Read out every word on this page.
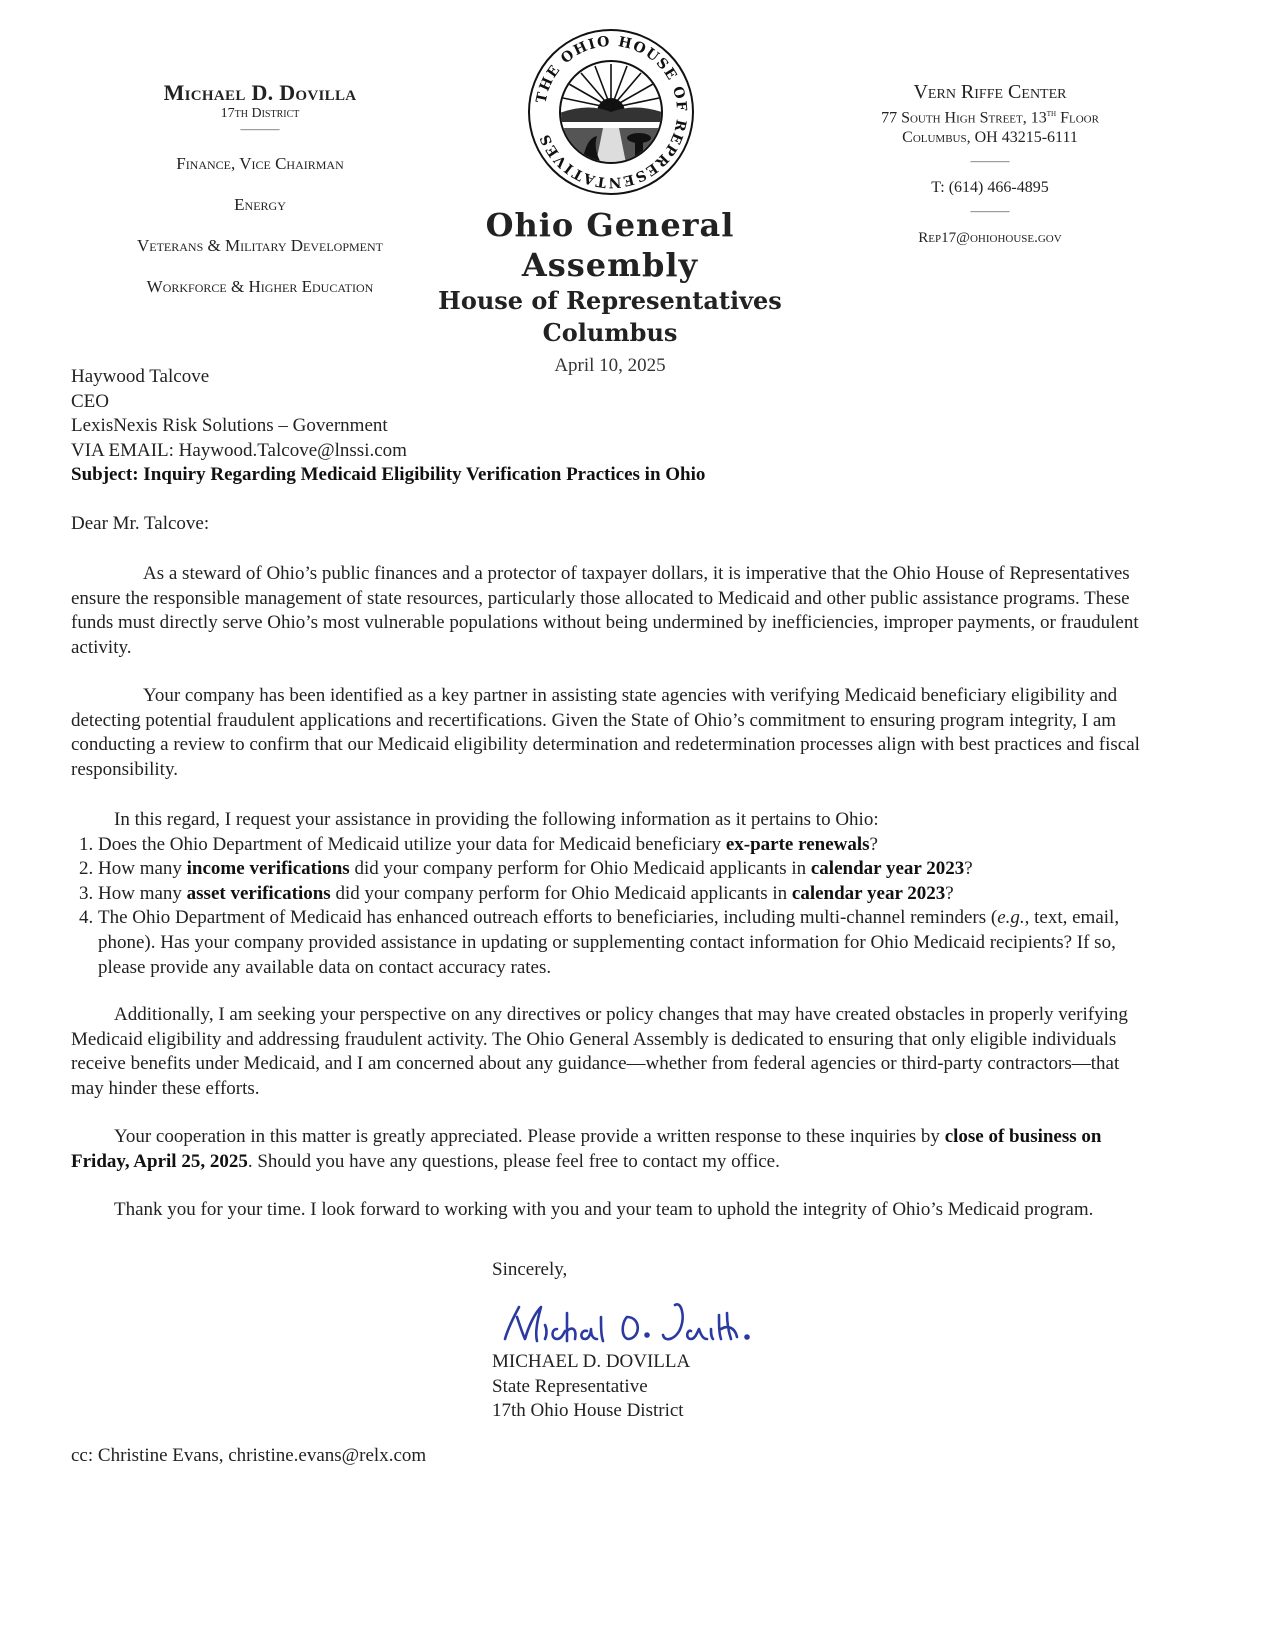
Michael D. Dovilla
17th District
———
Finance, Vice Chairman
Energy
Veterans & Military Development
Workforce & Higher Education
THE OHIO HOUSE OF REPRESENTATIVES
Ohio General Assembly
House of Representatives
Columbus
April 10, 2025
Vern Riffe Center
77 South High Street, 13th Floor
Columbus, OH 43215-6111
———
T: (614) 466-4895
———
Rep17@ohiohouse.gov

Haywood Talcove

CEO

LexisNexis Risk Solutions – Government

VIA EMAIL: Haywood.Talcove@lnssi.com

Subject: Inquiry Regarding Medicaid Eligibility Verification Practices in Ohio

Dear Mr. Talcove:
As a steward of Ohio’s public finances and a protector of taxpayer dollars, it is imperative that the Ohio House of Representatives ensure the responsible management of state resources, particularly those allocated to Medicaid and other public assistance programs. These funds must directly serve Ohio’s most vulnerable populations without being undermined by inefficiencies, improper payments, or fraudulent activity.
Your company has been identified as a key partner in assisting state agencies with verifying Medicaid beneficiary eligibility and detecting potential fraudulent applications and recertifications. Given the State of Ohio’s commitment to ensuring program integrity, I am conducting a review to confirm that our Medicaid eligibility determination and redetermination processes align with best practices and fiscal responsibility.

In this regard, I request your assistance in providing the following information as it pertains to Ohio:

1. Does the Ohio Department of Medicaid utilize your data for Medicaid beneficiary ex-parte renewals?
2. How many income verifications did your company perform for Ohio Medicaid applicants in calendar year 2023?
3. How many asset verifications did your company perform for Ohio Medicaid applicants in calendar year 2023?
4. The Ohio Department of Medicaid has enhanced outreach efforts to beneficiaries, including multi-channel reminders (e.g., text, email, phone). Has your company provided assistance in updating or supplementing contact information for Ohio Medicaid recipients? If so, please provide any available data on contact accuracy rates.
Additionally, I am seeking your perspective on any directives or policy changes that may have created obstacles in properly verifying Medicaid eligibility and addressing fraudulent activity. The Ohio General Assembly is dedicated to ensuring that only eligible individuals receive benefits under Medicaid, and I am concerned about any guidance—whether from federal agencies or third-party contractors—that may hinder these efforts.
Your cooperation in this matter is greatly appreciated. Please provide a written response to these inquiries by close of business on Friday, April 25, 2025. Should you have any questions, please feel free to contact my office.
Thank you for your time. I look forward to working with you and your team to uphold the integrity of Ohio’s Medicaid program.

Sincerely,

MICHAEL D. DOVILLA

State Representative

17th Ohio House District

cc: Christine Evans, christine.evans@relx.com
